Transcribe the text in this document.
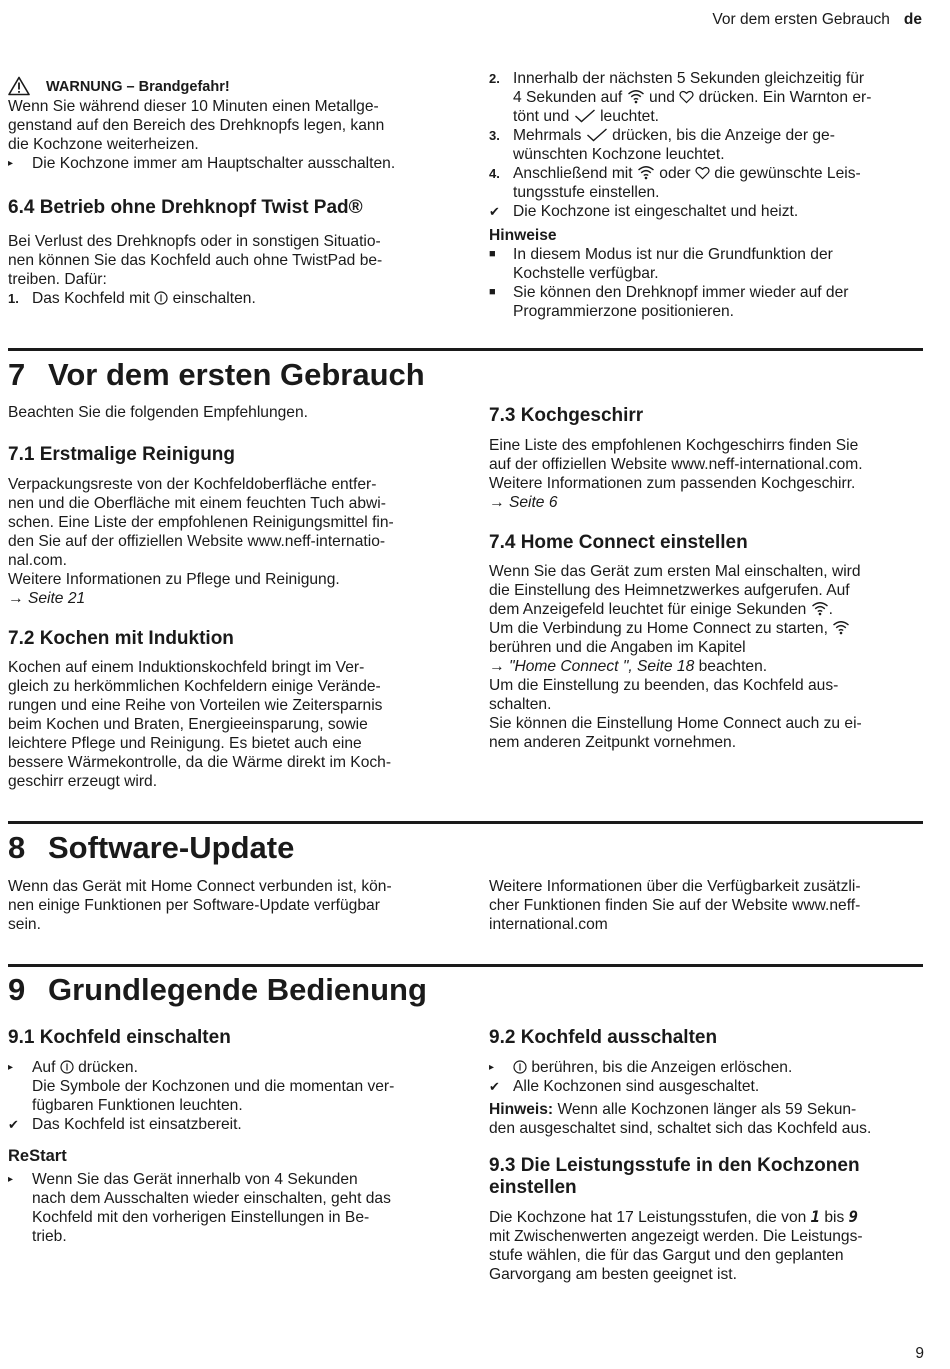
Vor dem ersten Gebrauch de
WARNUNG – Brandgefahr!
Wenn Sie während dieser 10 Minuten einen Metallge-
genstand auf den Bereich des Drehknopfs legen, kann
die Kochzone weiterheizen.
▸	Die Kochzone immer am Hauptschalter ausschalten.
6.4 Betrieb ohne Drehknopf Twist Pad®
Bei Verlust des Drehknopfs oder in sonstigen Situatio-
nen können Sie das Kochfeld auch ohne TwistPad be-
treiben. Dafür:
1. Das Kochfeld mit einschalten.
2. Innerhalb der nächsten 5 Sekunden gleichzeitig für
4 Sekunden auf und drücken. Ein Warnton er-
tönt und leuchtet.
3. Mehrmals drücken, bis die Anzeige der ge-
wünschten Kochzone leuchtet.
4. Anschließend mit oder die gewünschte Leis-
tungsstufe einstellen.
✔ Die Kochzone ist eingeschaltet und heizt.
Hinweise
■	In diesem Modus ist nur die Grundfunktion der
Kochstelle verfügbar.
■	Sie können den Drehknopf immer wieder auf der
Programmierzone positionieren.
7 Vor dem ersten Gebrauch
Beachten Sie die folgenden Empfehlungen.
7.1 Erstmalige Reinigung
Verpackungsreste von der Kochfeldoberfläche entfer-
nen und die Oberfläche mit einem feuchten Tuch abwi-
schen. Eine Liste der empfohlenen Reinigungsmittel fin-
den Sie auf der offiziellen Website www.neff-internatio-
nal.com.
Weitere Informationen zu Pflege und Reinigung.
→ Seite 21
7.2 Kochen mit Induktion
Kochen auf einem Induktionskochfeld bringt im Ver-
gleich zu herkömmlichen Kochfeldern einige Verände-
rungen und eine Reihe von Vorteilen wie Zeitersparnis
beim Kochen und Braten, Energieeinsparung, sowie
leichtere Pflege und Reinigung. Es bietet auch eine
bessere Wärmekontrolle, da die Wärme direkt im Koch-
geschirr erzeugt wird.
7.3 Kochgeschirr
Eine Liste des empfohlenen Kochgeschirrs finden Sie
auf der offiziellen Website www.neff-international.com.
Weitere Informationen zum passenden Kochgeschirr.
→ Seite 6
7.4 Home Connect einstellen
Wenn Sie das Gerät zum ersten Mal einschalten, wird
die Einstellung des Heimnetzwerkes aufgerufen. Auf
dem Anzeigefeld leuchtet für einige Sekunden .
Um die Verbindung zu Home Connect zu starten,
berühren und die Angaben im Kapitel
→ "Home Connect ", Seite 18 beachten.
Um die Einstellung zu beenden, das Kochfeld aus-
schalten.
Sie können die Einstellung Home Connect auch zu ei-
nem anderen Zeitpunkt vornehmen.
8 Software-Update
Wenn das Gerät mit Home Connect verbunden ist, kön-
nen einige Funktionen per Software-Update verfügbar
sein.
Weitere Informationen über die Verfügbarkeit zusätzli-
cher Funktionen finden Sie auf der Website www.neff-
international.com
9 Grundlegende Bedienung
9.1 Kochfeld einschalten
▸	Auf drücken.
Die Symbole der Kochzonen und die momentan ver-
fügbaren Funktionen leuchten.
✔ Das Kochfeld ist einsatzbereit.
ReStart
▸	Wenn Sie das Gerät innerhalb von 4 Sekunden
nach dem Ausschalten wieder einschalten, geht das
Kochfeld mit den vorherigen Einstellungen in Be-
trieb.
9.2 Kochfeld ausschalten
▸	berühren, bis die Anzeigen erlöschen.
✔ Alle Kochzonen sind ausgeschaltet.
Hinweis: Wenn alle Kochzonen länger als 59 Sekun-
den ausgeschaltet sind, schaltet sich das Kochfeld aus.
9.3 Die Leistungsstufe in den Kochzonen
einstellen
Die Kochzone hat 17 Leistungsstufen, die von 1 bis 9
mit Zwischenwerten angezeigt werden. Die Leistungs-
stufe wählen, die für das Gargut und den geplanten
Garvorgang am besten geeignet ist.
9
